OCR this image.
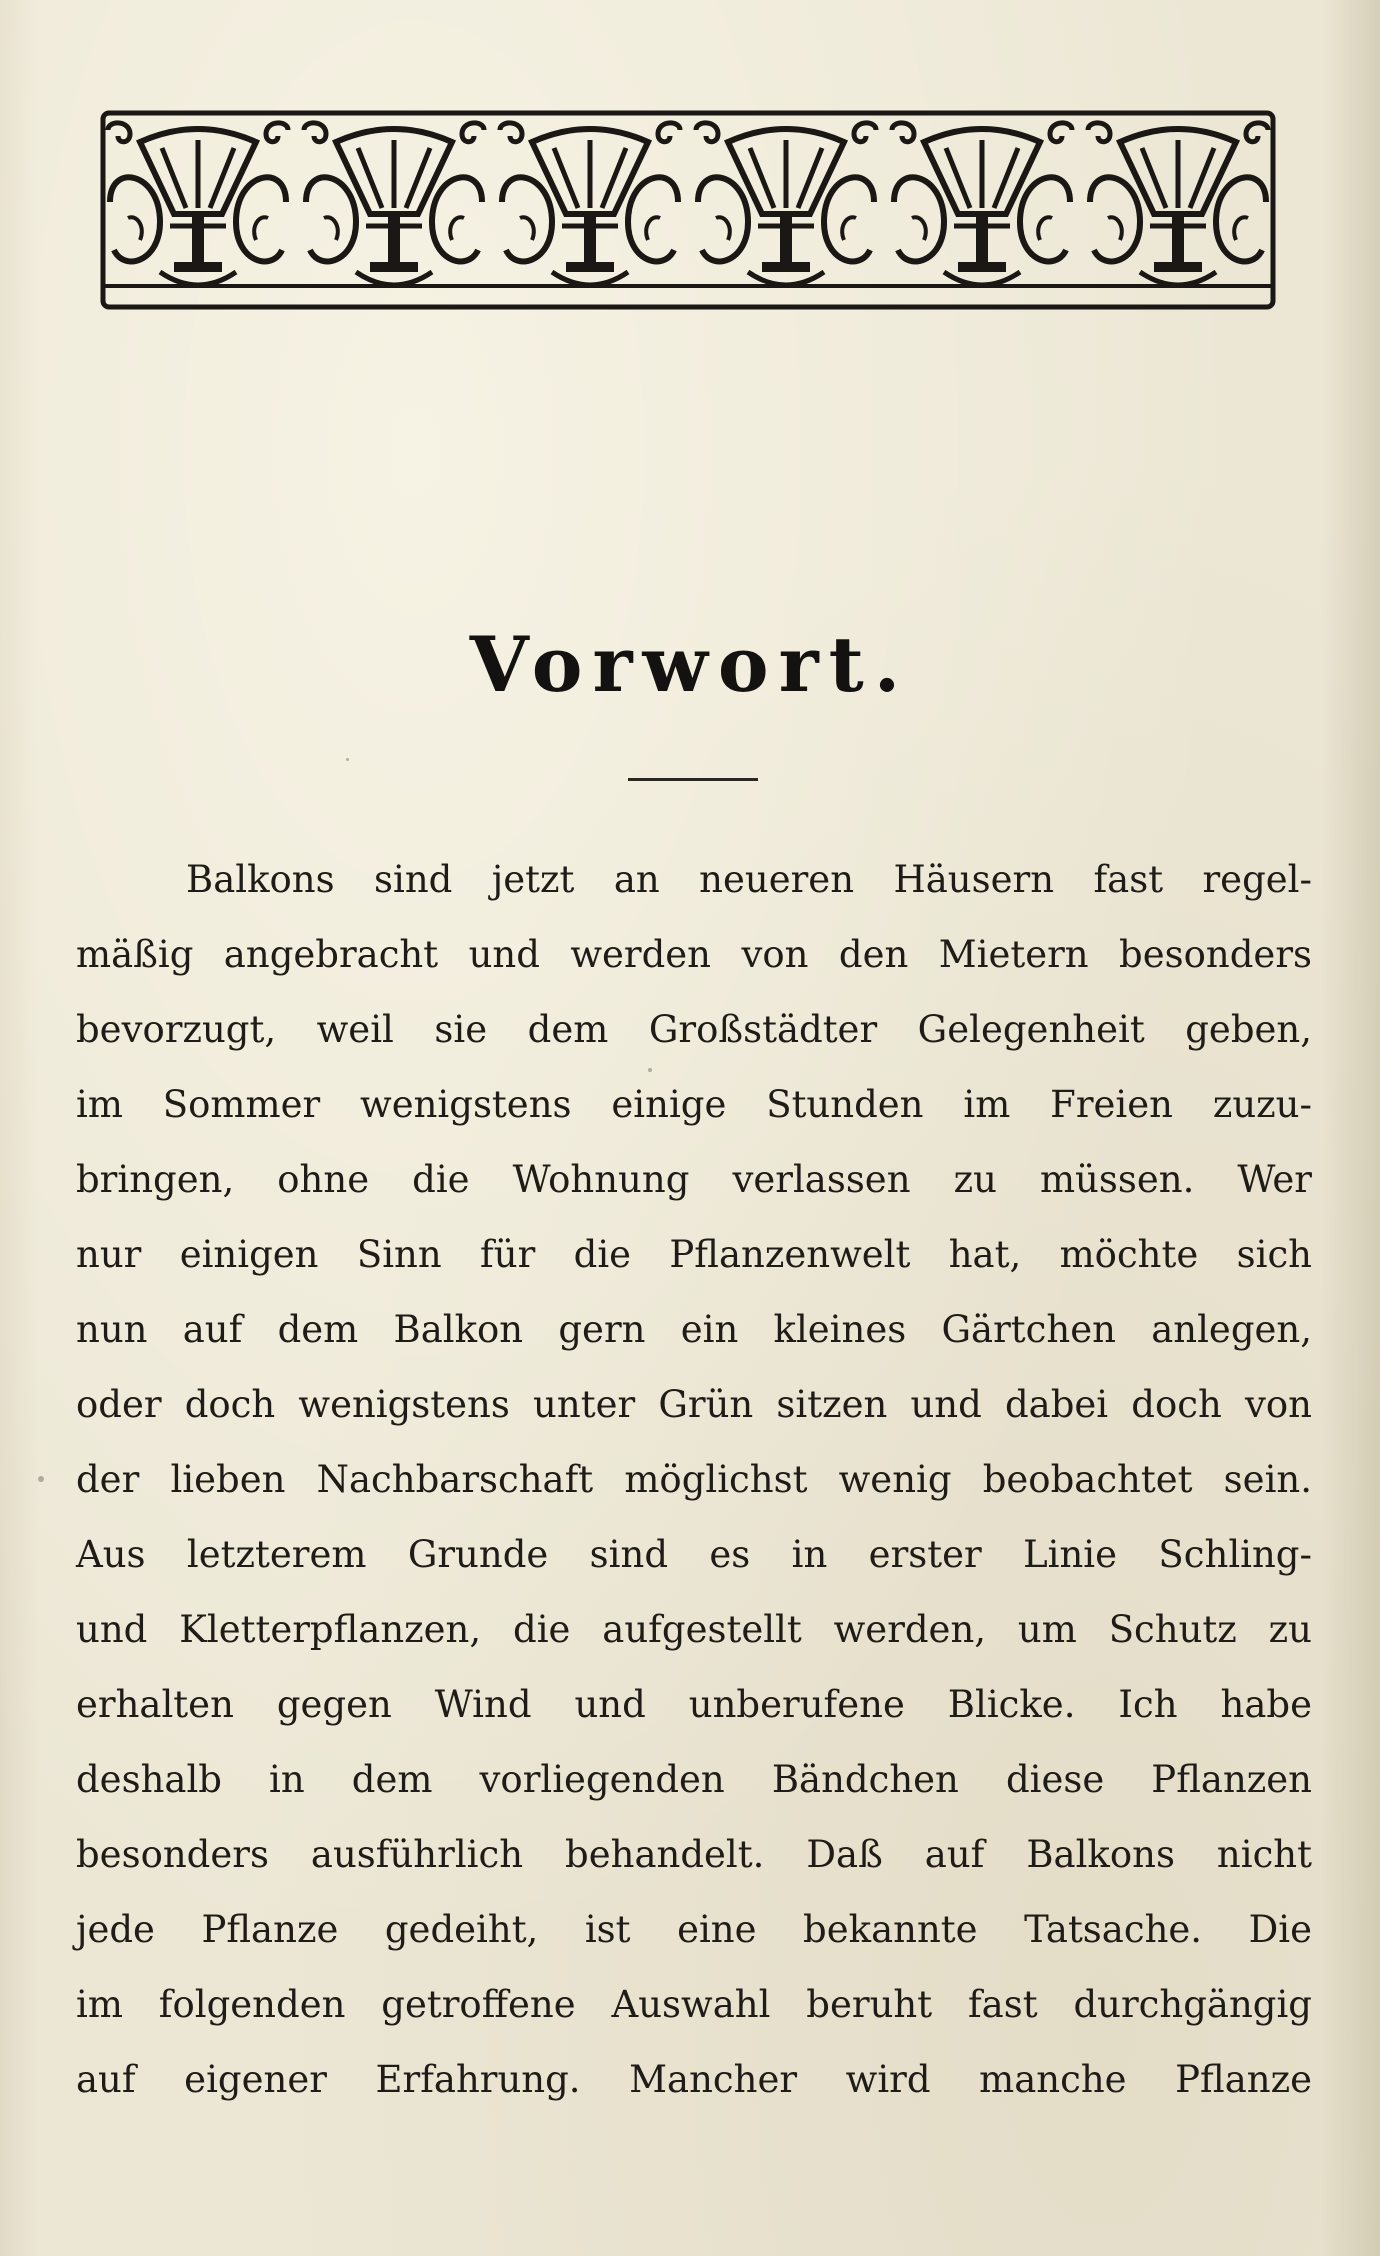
Vorwort.
Balkons sind jetzt an neueren Häusern fast regel-
mäßig angebracht und werden von den Mietern besonders
bevorzugt, weil sie dem Großstädter Gelegenheit geben,
im Sommer wenigstens einige Stunden im Freien zuzu-
bringen, ohne die Wohnung verlassen zu müssen. Wer
nur einigen Sinn für die Pflanzenwelt hat, möchte sich
nun auf dem Balkon gern ein kleines Gärtchen anlegen,
oder doch wenigstens unter Grün sitzen und dabei doch von
der lieben Nachbarschaft möglichst wenig beobachtet sein.
Aus letzterem Grunde sind es in erster Linie Schling-
und Kletterpflanzen, die aufgestellt werden, um Schutz zu
erhalten gegen Wind und unberufene Blicke. Ich habe
deshalb in dem vorliegenden Bändchen diese Pflanzen
besonders ausführlich behandelt. Daß auf Balkons nicht
jede Pflanze gedeiht, ist eine bekannte Tatsache. Die
im folgenden getroffene Auswahl beruht fast durchgängig
auf eigener Erfahrung. Mancher wird manche Pflanze
